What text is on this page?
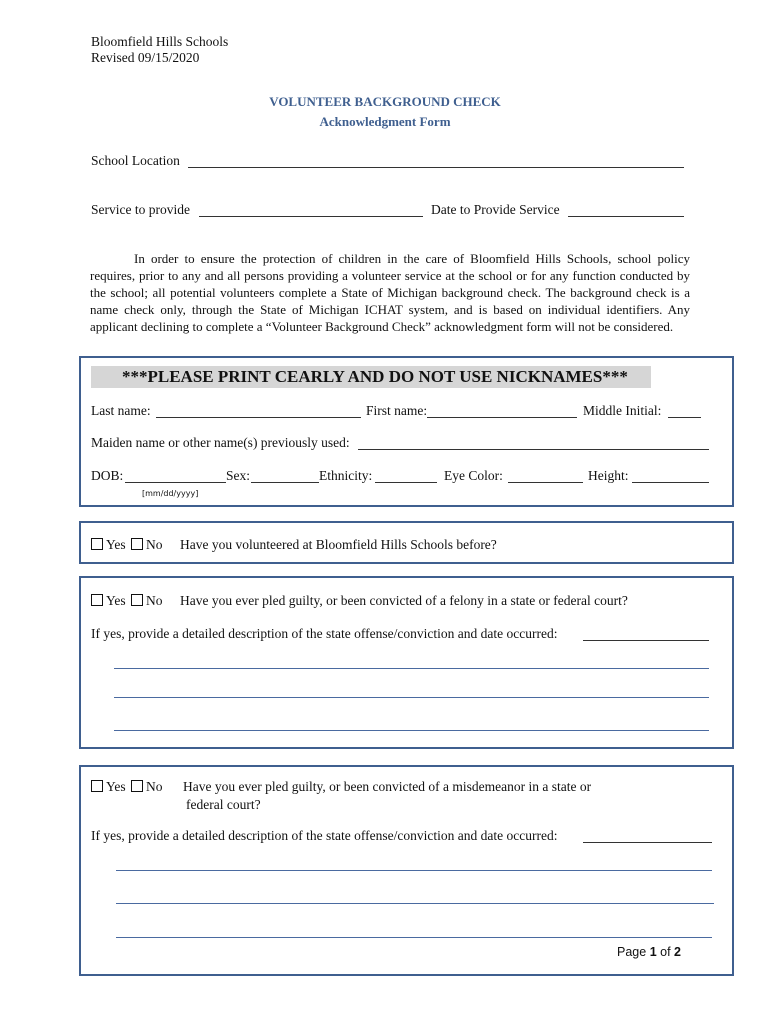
Bloomfield Hills Schools
Revised 09/15/2020
VOLUNTEER BACKGROUND CHECK
Acknowledgment Form
School Location
Service to provide	Date to Provide Service
In order to ensure the protection of children in the care of Bloomfield Hills Schools, school policy requires, prior to any and all persons providing a volunteer service at the school or for any function conducted by the school; all potential volunteers complete a State of Michigan background check. The background check is a name check only, through the State of Michigan ICHAT system, and is based on individual identifiers. Any applicant declining to complete a “Volunteer Background Check” acknowledgment form will not be considered.
***PLEASE PRINT CEARLY AND DO NOT USE NICKNAMES***
Last name:	First name:	Middle Initial:
Maiden name or other name(s) previously used:
DOB:	Sex:	Ethnicity:	Eye Color:	Height:
[mm/dd/yyyy]
Yes No Have you volunteered at Bloomfield Hills Schools before?
Yes No Have you ever pled guilty, or been convicted of a felony in a state or federal court?
If yes, provide a detailed description of the state offense/conviction and date occurred:
Yes No Have you ever pled guilty, or been convicted of a misdemeanor in a state or
federal court?
If yes, provide a detailed description of the state offense/conviction and date occurred:
Page 1 of 2
